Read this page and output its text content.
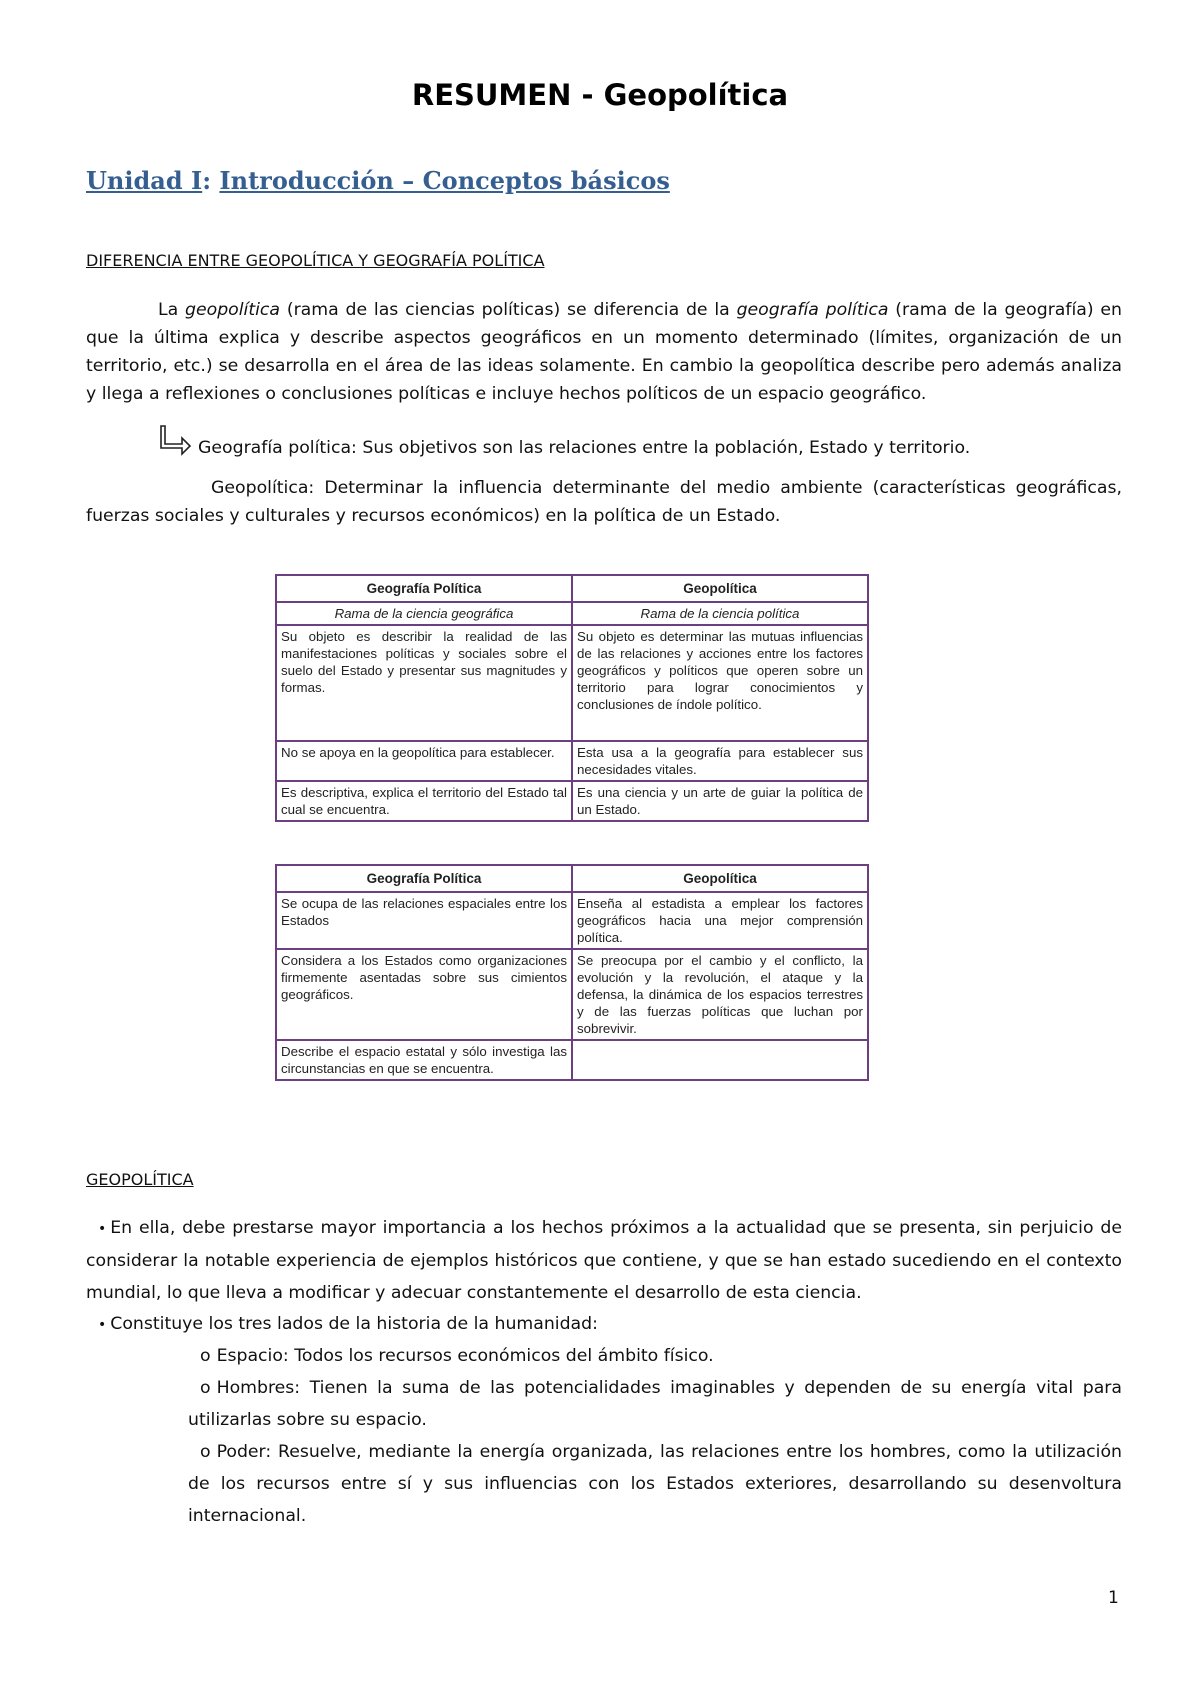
RESUMEN - Geopolítica
Unidad I: Introducción – Conceptos básicos
DIFERENCIA ENTRE GEOPOLÍTICA Y GEOGRAFÍA POLÍTICA
La geopolítica (rama de las ciencias políticas) se diferencia de la geografía política (rama de la geografía) en que la última explica y describe aspectos geográficos en un momento determinado (límites, organización de un territorio, etc.) se desarrolla en el área de las ideas solamente. En cambio la geopolítica describe pero además analiza y llega a reflexiones o conclusiones políticas e incluye hechos políticos de un espacio geográfico.
Geografía política: Sus objetivos son las relaciones entre la población, Estado y territorio.
Geopolítica: Determinar la influencia determinante del medio ambiente (características geográficas, fuerzas sociales y culturales y recursos económicos) en la política de un Estado.
Geografía Política	Geopolítica
Rama de la ciencia geográfica	Rama de la ciencia política
Su objeto es describir la realidad de las manifestaciones políticas y sociales sobre el suelo del Estado y presentar sus magnitudes y formas.	Su objeto es determinar las mutuas influencias de las relaciones y acciones entre los factores geográficos y políticos que operen sobre un territorio para lograr conocimientos y conclusiones de índole político.
No se apoya en la geopolítica para establecer.	Esta usa a la geografía para establecer sus necesidades vitales.
Es descriptiva, explica el territorio del Estado tal cual se encuentra.	Es una ciencia y un arte de guiar la política de un Estado.
Geografía Política	Geopolítica
Se ocupa de las relaciones espaciales entre los Estados	Enseña al estadista a emplear los factores geográficos hacia una mejor comprensión política.
Considera a los Estados como organizaciones firmemente asentadas sobre sus cimientos geográficos.	Se preocupa por el cambio y el conflicto, la evolución y la revolución, el ataque y la defensa, la dinámica de los espacios terrestres y de las fuerzas políticas que luchan por sobrevivir.
Describe el espacio estatal y sólo investiga las circunstancias en que se encuentra.	
GEOPOLÍTICA
• En ella, debe prestarse mayor importancia a los hechos próximos a la actualidad que se presenta, sin perjuicio de considerar la notable experiencia de ejemplos históricos que contiene, y que se han estado sucediendo en el contexto mundial, lo que lleva a modificar y adecuar constantemente el desarrollo de esta ciencia.
• Constituye los tres lados de la historia de la humanidad:
o Espacio: Todos los recursos económicos del ámbito físico.
o Hombres: Tienen la suma de las potencialidades imaginables y dependen de su energía vital para utilizarlas sobre su espacio.
o Poder: Resuelve, mediante la energía organizada, las relaciones entre los hombres, como la utilización de los recursos entre sí y sus influencias con los Estados exteriores, desarrollando su desenvoltura internacional.
1
